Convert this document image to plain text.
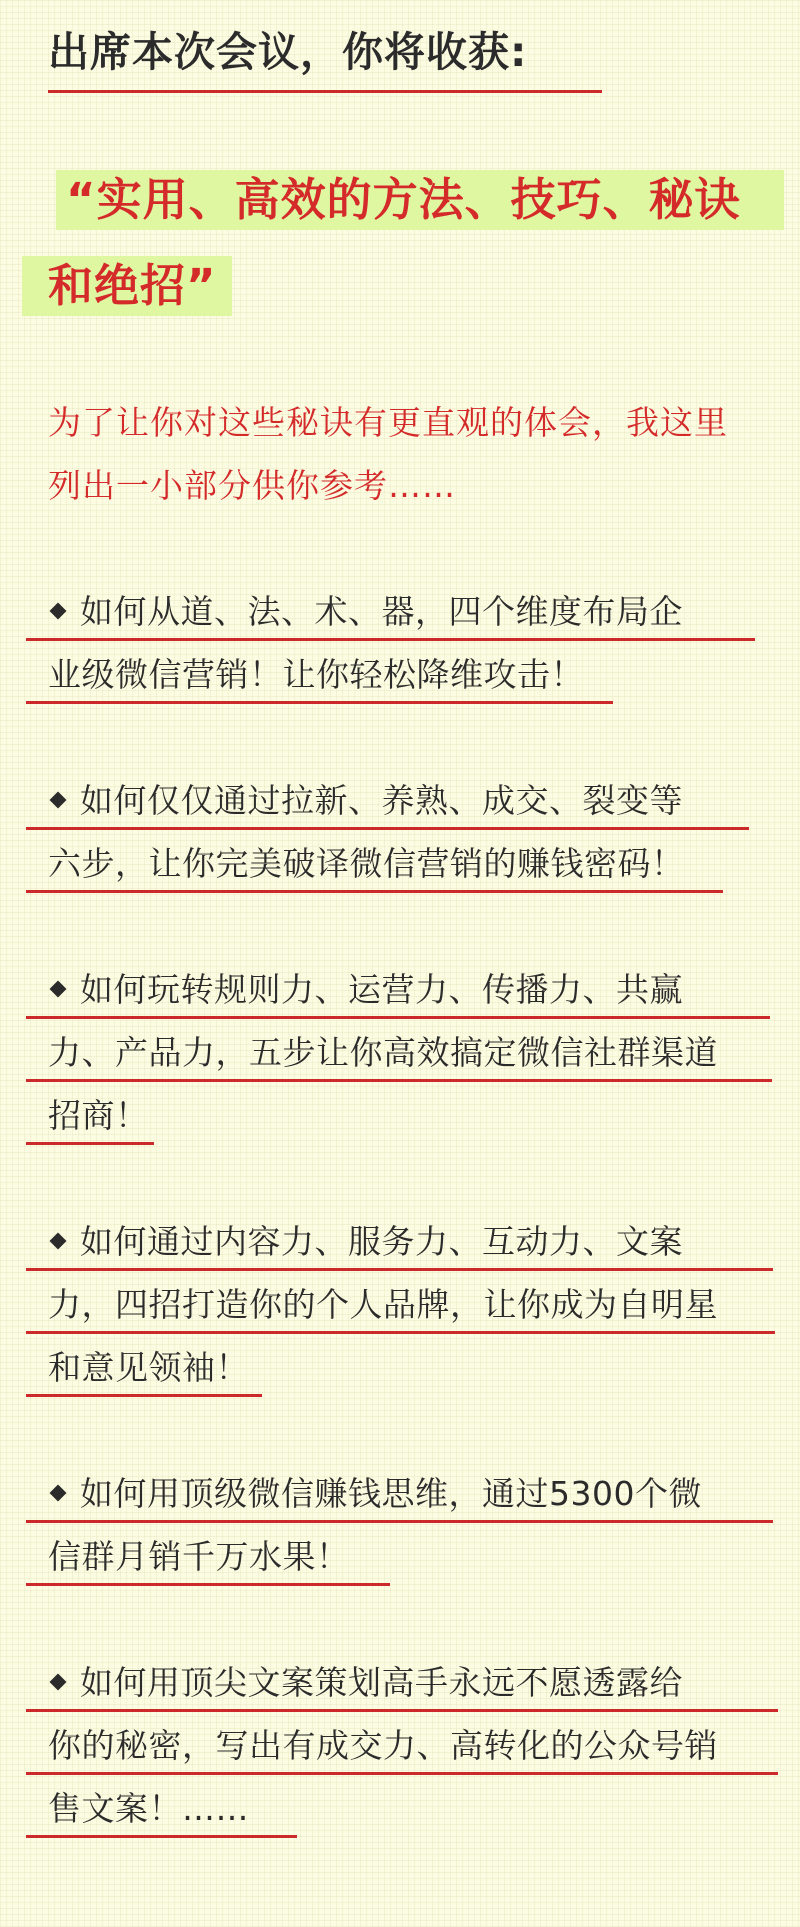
出席本次会议，你将收获:
“实用、高效的方法、技巧、秘诀
和绝招”
为了让你对这些秘诀有更直观的体会，我这里
列出一小部分供你参考……
如何从道、法、术、器，四个维度布局企
业级微信营销！让你轻松降维攻击！
如何仅仅通过拉新、养熟、成交、裂变等
六步，让你完美破译微信营销的赚钱密码！
如何玩转规则力、运营力、传播力、共赢
力、产品力，五步让你高效搞定微信社群渠道
招商！
如何通过内容力、服务力、互动力、文案
力，四招打造你的个人品牌，让你成为自明星
和意见领袖！
如何用顶级微信赚钱思维，通过5300个微
信群月销千万水果！
如何用顶尖文案策划高手永远不愿透露给
你的秘密，写出有成交力、高转化的公众号销
售文案！……
